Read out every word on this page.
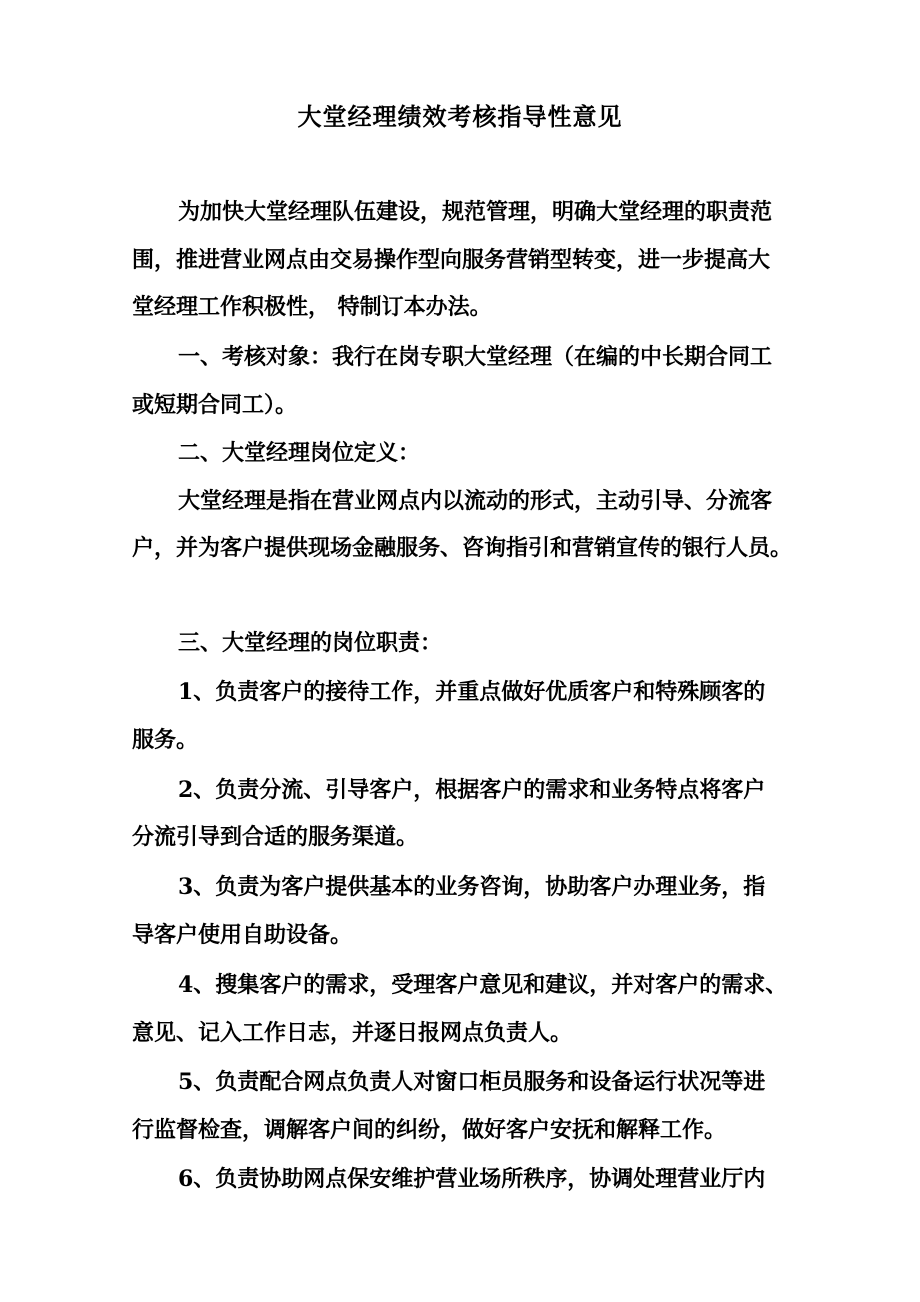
大堂经理绩效考核指导性意见
为加快大堂经理队伍建设，规范管理，明确大堂经理的职责范
围，推进营业网点由交易操作型向服务营销型转变，进一步提高大
堂经理工作积极性， 特制订本办法。
一、考核对象：我行在岗专职大堂经理（在编的中长期合同工
或短期合同工）。
二、大堂经理岗位定义：
大堂经理是指在营业网点内以流动的形式，主动引导、分流客
户，并为客户提供现场金融服务、咨询指引和营销宣传的银行人员。
三、大堂经理的岗位职责：
1、负责客户的接待工作，并重点做好优质客户和特殊顾客的
服务。
2、负责分流、引导客户，根据客户的需求和业务特点将客户
分流引导到合适的服务渠道。
3、负责为客户提供基本的业务咨询，协助客户办理业务，指
导客户使用自助设备。
4、搜集客户的需求，受理客户意见和建议，并对客户的需求、
意见、记入工作日志，并逐日报网点负责人。
5、负责配合网点负责人对窗口柜员服务和设备运行状况等进
行监督检查，调解客户间的纠纷，做好客户安抚和解释工作。
6、负责协助网点保安维护营业场所秩序，协调处理营业厅内
